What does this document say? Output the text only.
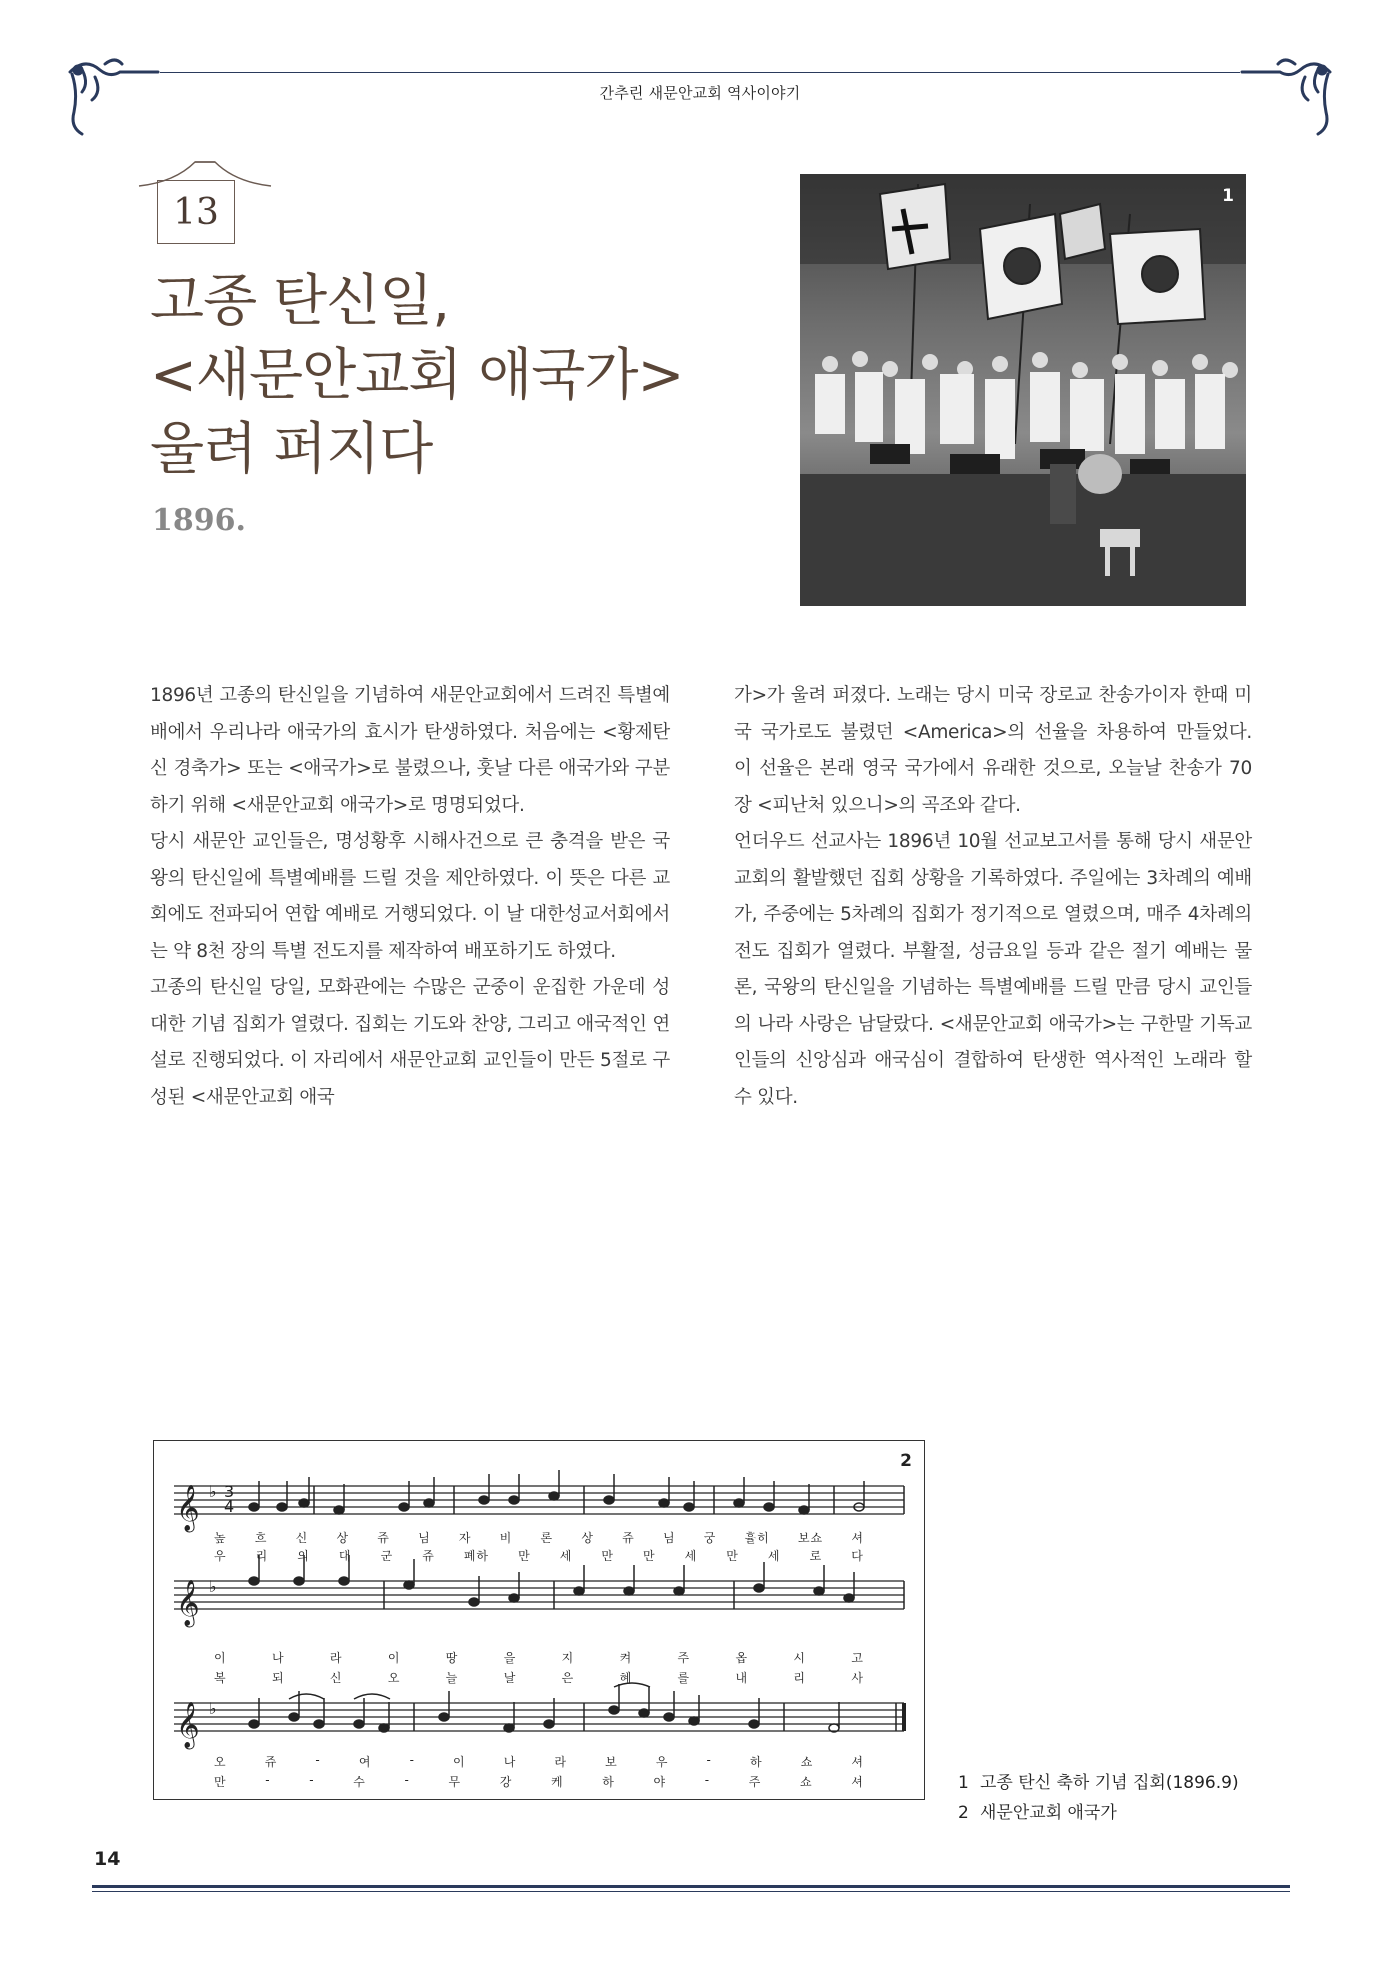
간추린 새문안교회 역사이야기
13
고종 탄신일,
<새문안교회 애국가>
울려 퍼지다
1896.
1

1896년 고종의 탄신일을 기념하여 새문안교회에서 드려진 특별예배에서 우리나라 애국가의 효시가 탄생하였다. 처음에는 <황제탄신 경축가> 또는 <애국가>로 불렸으나, 훗날 다른 애국가와 구분하기 위해 <새문안교회 애국가>로 명명되었다.

당시 새문안 교인들은, 명성황후 시해사건으로 큰 충격을 받은 국왕의 탄신일에 특별예배를 드릴 것을 제안하였다. 이 뜻은 다른 교회에도 전파되어 연합 예배로 거행되었다. 이 날 대한성교서회에서는 약 8천 장의 특별 전도지를 제작하여 배포하기도 하였다.

고종의 탄신일 당일, 모화관에는 수많은 군중이 운집한 가운데 성대한 기념 집회가 열렸다. 집회는 기도와 찬양, 그리고 애국적인 연설로 진행되었다. 이 자리에서 새문안교회 교인들이 만든 5절로 구성된 <새문안교회 애국

가>가 울려 퍼졌다. 노래는 당시 미국 장로교 찬송가이자 한때 미국 국가로도 불렸던 <America>의 선율을 차용하여 만들었다. 이 선율은 본래 영국 국가에서 유래한 것으로, 오늘날 찬송가 70장 <피난처 있으니>의 곡조와 같다.

언더우드 선교사는 1896년 10월 선교보고서를 통해 당시 새문안교회의 활발했던 집회 상황을 기록하였다. 주일에는 3차례의 예배가, 주중에는 5차례의 집회가 정기적으로 열렸으며, 매주 4차례의 전도 집회가 열렸다. 부활절, 성금요일 등과 같은 절기 예배는 물론, 국왕의 탄신일을 기념하는 특별예배를 드릴 만큼 당시 교인들의 나라 사랑은 남달랐다. <새문안교회 애국가>는 구한말 기독교인들의 신앙심과 애국심이 결합하여 탄생한 역사적인 노래라 할 수 있다.

𝄞
𝄞
𝄞
♭
♭
♭
3
4
2
높 흐 신 상 쥬 님 자 비 론 상 쥬 님 궁 휼히 보쇼 셔
우 리 의 대 군 쥬 폐하 만 세 만 만 세 만 세 로 다
이	나	라	이	땅	을	지	켜	주	옵	시	고
복	되	신	오	늘	날	은	혜	를	내	리	사
오	쥬	-	여	-	이	나	라	보	우	-	하	쇼	셔
만	-	-	수	-	무	강	케	하	야	-	주	쇼	셔	1 고종 탄신 축하 기념 집회(1896.9)
2 새문안교회 애국가
14
